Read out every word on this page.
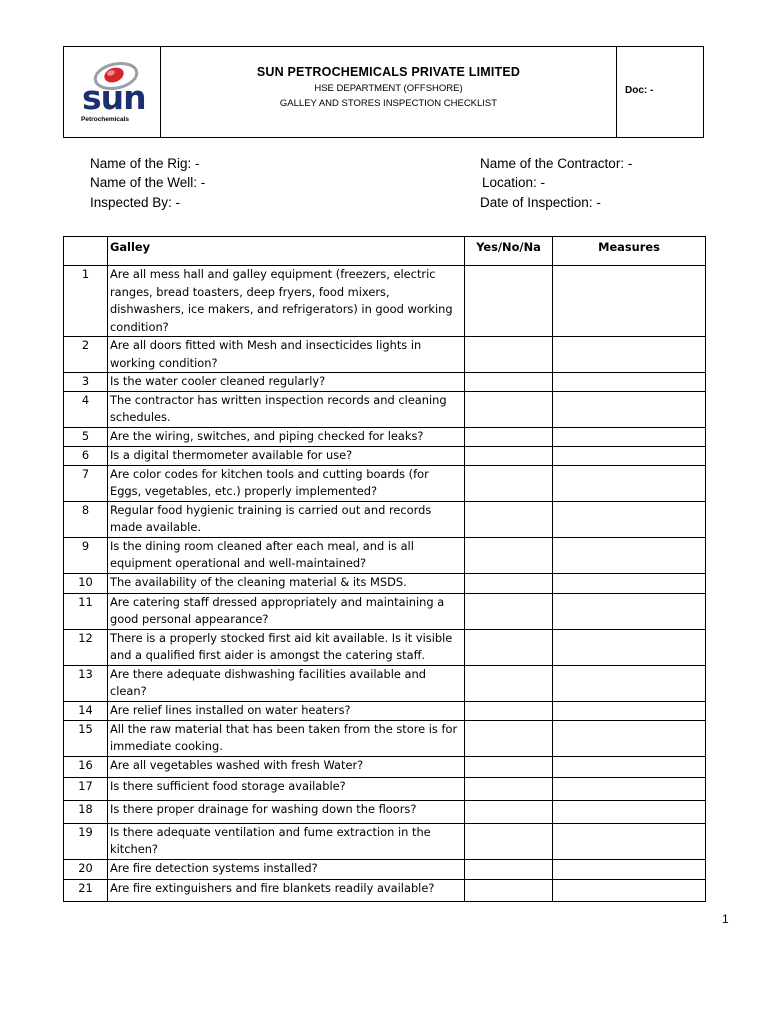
sun
Petrochemicals
SUN PETROCHEMICALS PRIVATE LIMITED
HSE DEPARTMENT (OFFSHORE)
GALLEY AND STORES INSPECTION CHECKLIST
Doc: -
Name of the Rig: -
Name of the Well: -
Inspected By: -
Name of the Contractor: -
Location: -
Date of Inspection: -
	Galley	Yes/No/Na	Measures
1	Are all mess hall and galley equipment (freezers, electric ranges, bread toasters, deep fryers, food mixers, dishwashers, ice makers, and refrigerators) in good working condition?		
2	Are all doors fitted with Mesh and insecticides lights in working condition?		
3	Is the water cooler cleaned regularly?		
4	The contractor has written inspection records and cleaning schedules.		
5	Are the wiring, switches, and piping checked for leaks?		
6	Is a digital thermometer available for use?		
7	Are color codes for kitchen tools and cutting boards (for Eggs, vegetables, etc.) properly implemented?		
8	Regular food hygienic training is carried out and records made available.		
9	Is the dining room cleaned after each meal, and is all equipment operational and well-maintained?		
10	The availability of the cleaning material & its MSDS.		
11	Are catering staff dressed appropriately and maintaining a good personal appearance?		
12	There is a properly stocked first aid kit available. Is it visible and a qualified first aider is amongst the catering staff.		
13	Are there adequate dishwashing facilities available and clean?		
14	Are relief lines installed on water heaters?		
15	All the raw material that has been taken from the store is for immediate cooking.		
16	Are all vegetables washed with fresh Water?		
17	Is there sufficient food storage available?		
18	Is there proper drainage for washing down the floors?		
19	Is there adequate ventilation and fume extraction in the kitchen?		
20	Are fire detection systems installed?		
21	Are fire extinguishers and fire blankets readily available?		
1
